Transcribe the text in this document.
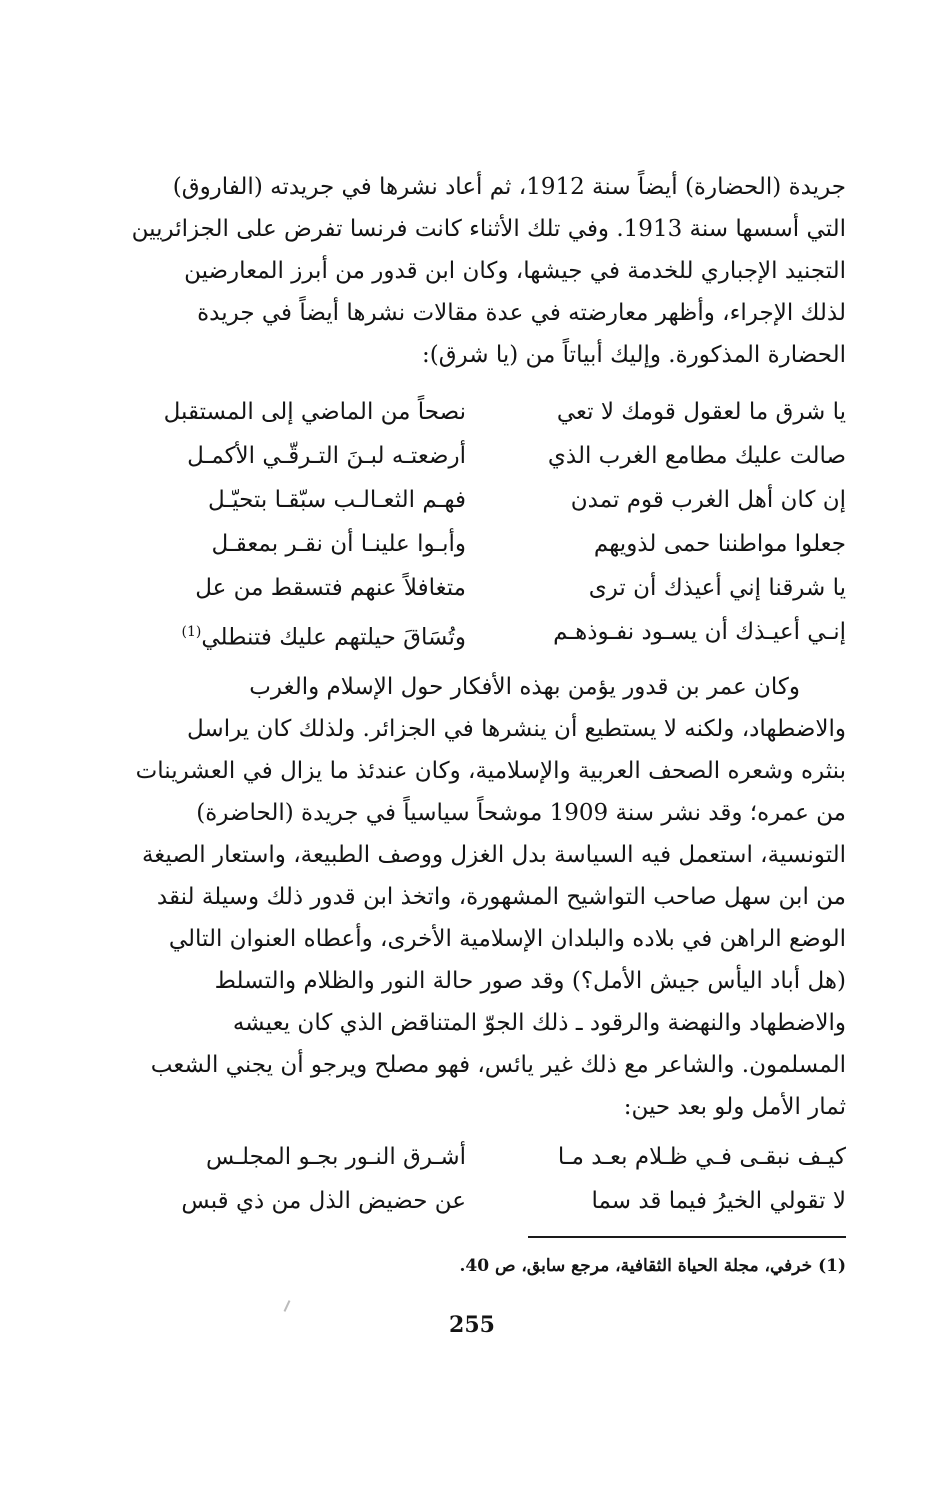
جريدة (الحضارة) أيضاً سنة 1912، ثم أعاد نشرها في جريدته (الفاروق)
التي أسسها سنة 1913. وفي تلك الأثناء كانت فرنسا تفرض على الجزائريين
التجنيد الإجباري للخدمة في جيشها، وكان ابن قدور من أبرز المعارضين
لذلك الإجراء، وأظهر معارضته في عدة مقالات نشرها أيضاً في جريدة
الحضارة المذكورة. وإليك أبياتاً من (يا شرق):
يا شرق ما لعقول قومك لا تعي
نصحاً من الماضي إلى المستقبل
صالت عليك مطامع الغرب الذي
أرضعتـه لبـنَ التـرقّـي الأكمـل
إن كان أهل الغرب قوم تمدن
فهـم الثعـالـب سبّقـا بتحيّـل
جعلوا مواطننا حمى لذويهم
وأبـوا علينـا أن نقـر بمعقـل
يا شرقنا إني أعيذك أن ترى
متغافلاً عنهم فتسقط من عل
إنـي أعيـذك أن يسـود نفـوذهـم
وتُسَاقَ حيلتهم عليك فتنطلي$^{(1)}$
وكان عمر بن قدور يؤمن بهذه الأفكار حول الإسلام والغرب
والاضطهاد، ولكنه لا يستطيع أن ينشرها في الجزائر. ولذلك كان يراسل
بنثره وشعره الصحف العربية والإسلامية، وكان عندئذ ما يزال في العشرينات
من عمره؛ وقد نشر سنة 1909 موشحاً سياسياً في جريدة (الحاضرة)
التونسية، استعمل فيه السياسة بدل الغزل ووصف الطبيعة، واستعار الصيغة
من ابن سهل صاحب التواشيح المشهورة، واتخذ ابن قدور ذلك وسيلة لنقد
الوضع الراهن في بلاده والبلدان الإسلامية الأخرى، وأعطاه العنوان التالي
(هل أباد اليأس جيش الأمل؟) وقد صور حالة النور والظلام والتسلط
والاضطهاد والنهضة والرقود ـ ذلك الجوّ المتناقض الذي كان يعيشه
المسلمون. والشاعر مع ذلك غير يائس، فهو مصلح ويرجو أن يجني الشعب
ثمار الأمل ولو بعد حين:
كيـف نبقـى فـي ظـلام بعـد مـا
أشـرق النـور بجـو المجلـس
لا تقولي الخيرُ فيما قد سما
عن حضيض الذل من ذي قبس
(1) خرفي، مجلة الحياة الثقافية، مرجع سابق، ص 40.
255
